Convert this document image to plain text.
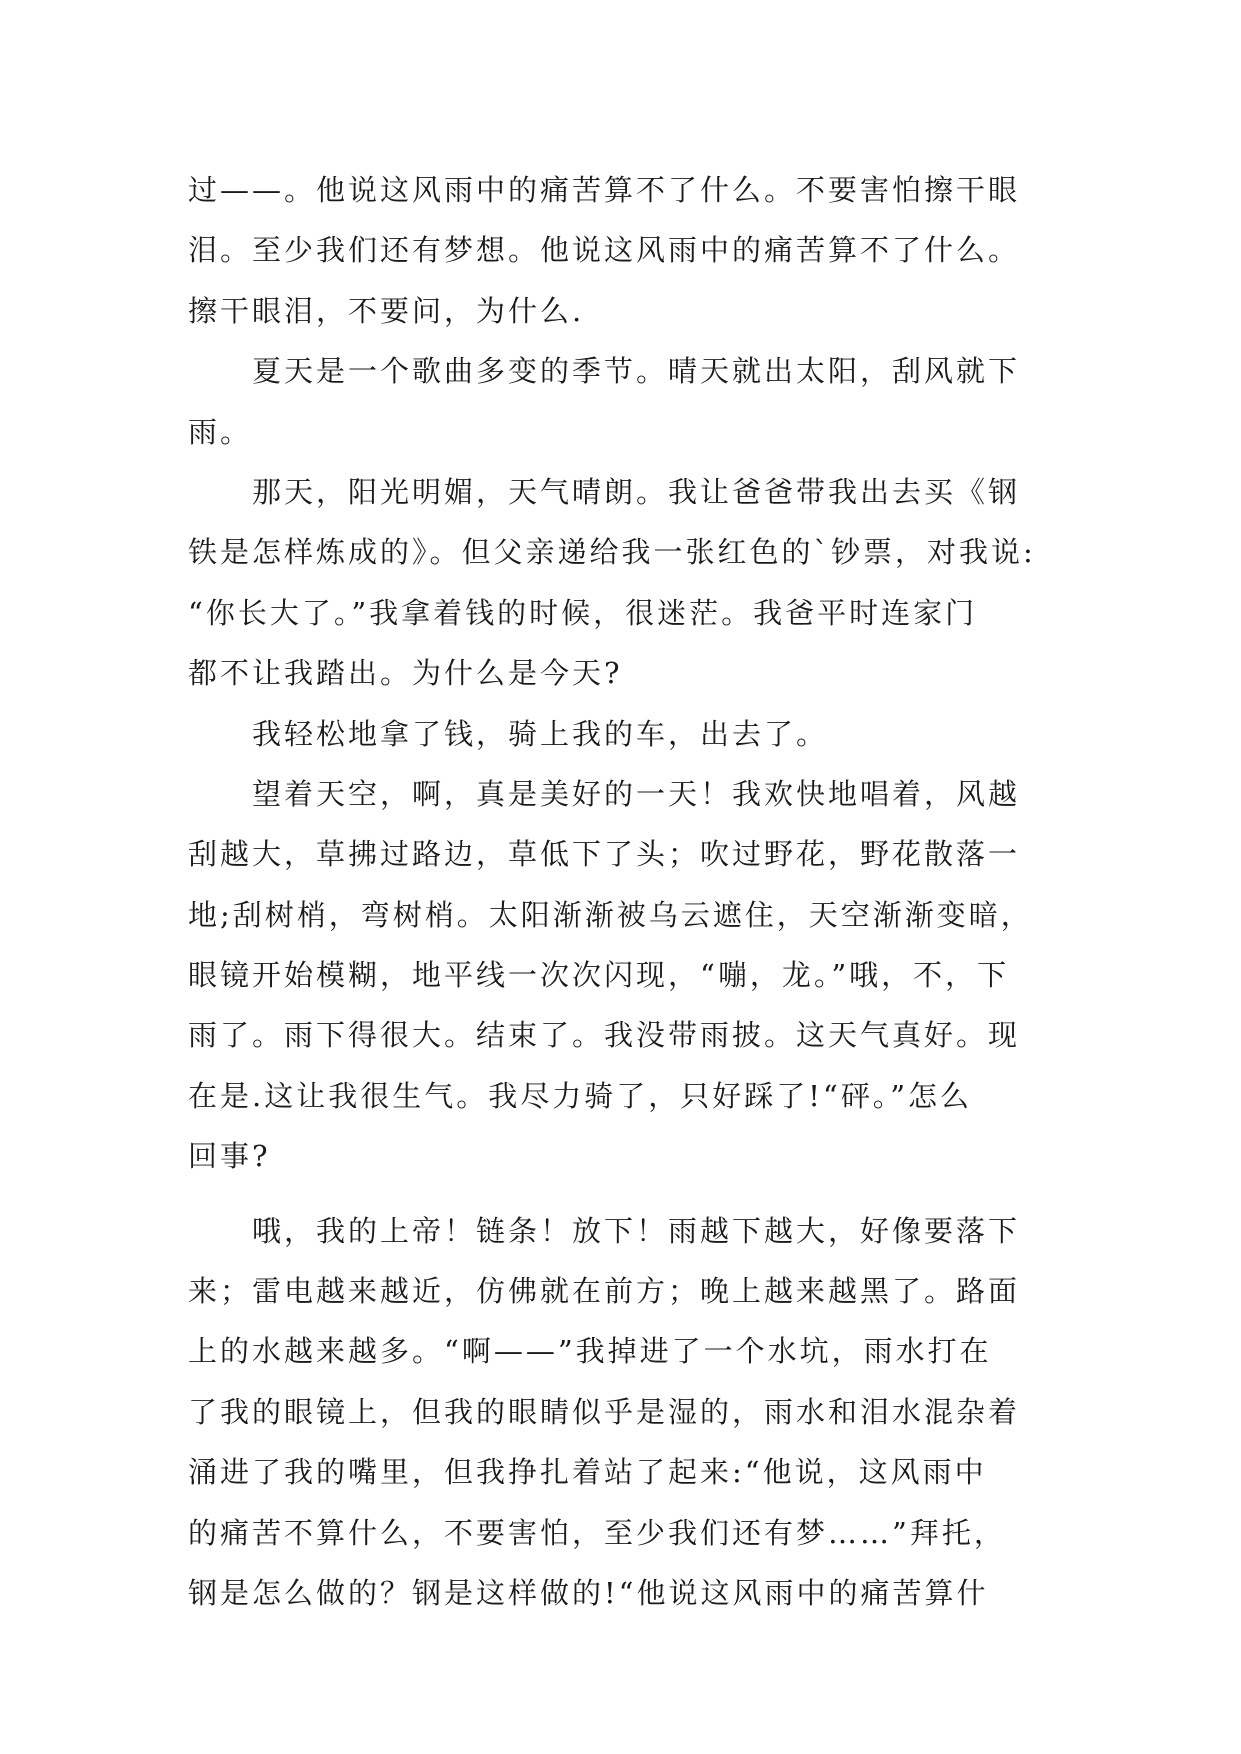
过——。他说这风雨中的痛苦算不了什么。不要害怕擦干眼
泪。至少我们还有梦想。他说这风雨中的痛苦算不了什么。
擦干眼泪，不要问，为什么.
　　夏天是一个歌曲多变的季节。晴天就出太阳，刮风就下
雨。
　　那天，阳光明媚，天气晴朗。我让爸爸带我出去买《钢
铁是怎样炼成的》。但父亲递给我一张红色的`钞票，对我说:
“你长大了。”我拿着钱的时候，很迷茫。我爸平时连家门
都不让我踏出。为什么是今天?
　　我轻松地拿了钱，骑上我的车，出去了。
　　望着天空，啊，真是美好的一天！我欢快地唱着，风越
刮越大，草拂过路边，草低下了头；吹过野花，野花散落一
地;刮树梢，弯树梢。太阳渐渐被乌云遮住，天空渐渐变暗，
眼镜开始模糊，地平线一次次闪现，“嘣，龙。”哦，不，下
雨了。雨下得很大。结束了。我没带雨披。这天气真好。现
在是.这让我很生气。我尽力骑了，只好踩了!“砰。”怎么
回事?
　　哦，我的上帝！链条！放下！雨越下越大，好像要落下
来；雷电越来越近，仿佛就在前方；晚上越来越黑了。路面
上的水越来越多。“啊——”我掉进了一个水坑，雨水打在
了我的眼镜上，但我的眼睛似乎是湿的，雨水和泪水混杂着
涌进了我的嘴里，但我挣扎着站了起来:“他说，这风雨中
的痛苦不算什么，不要害怕，至少我们还有梦……”拜托，
钢是怎么做的？钢是这样做的!“他说这风雨中的痛苦算什
